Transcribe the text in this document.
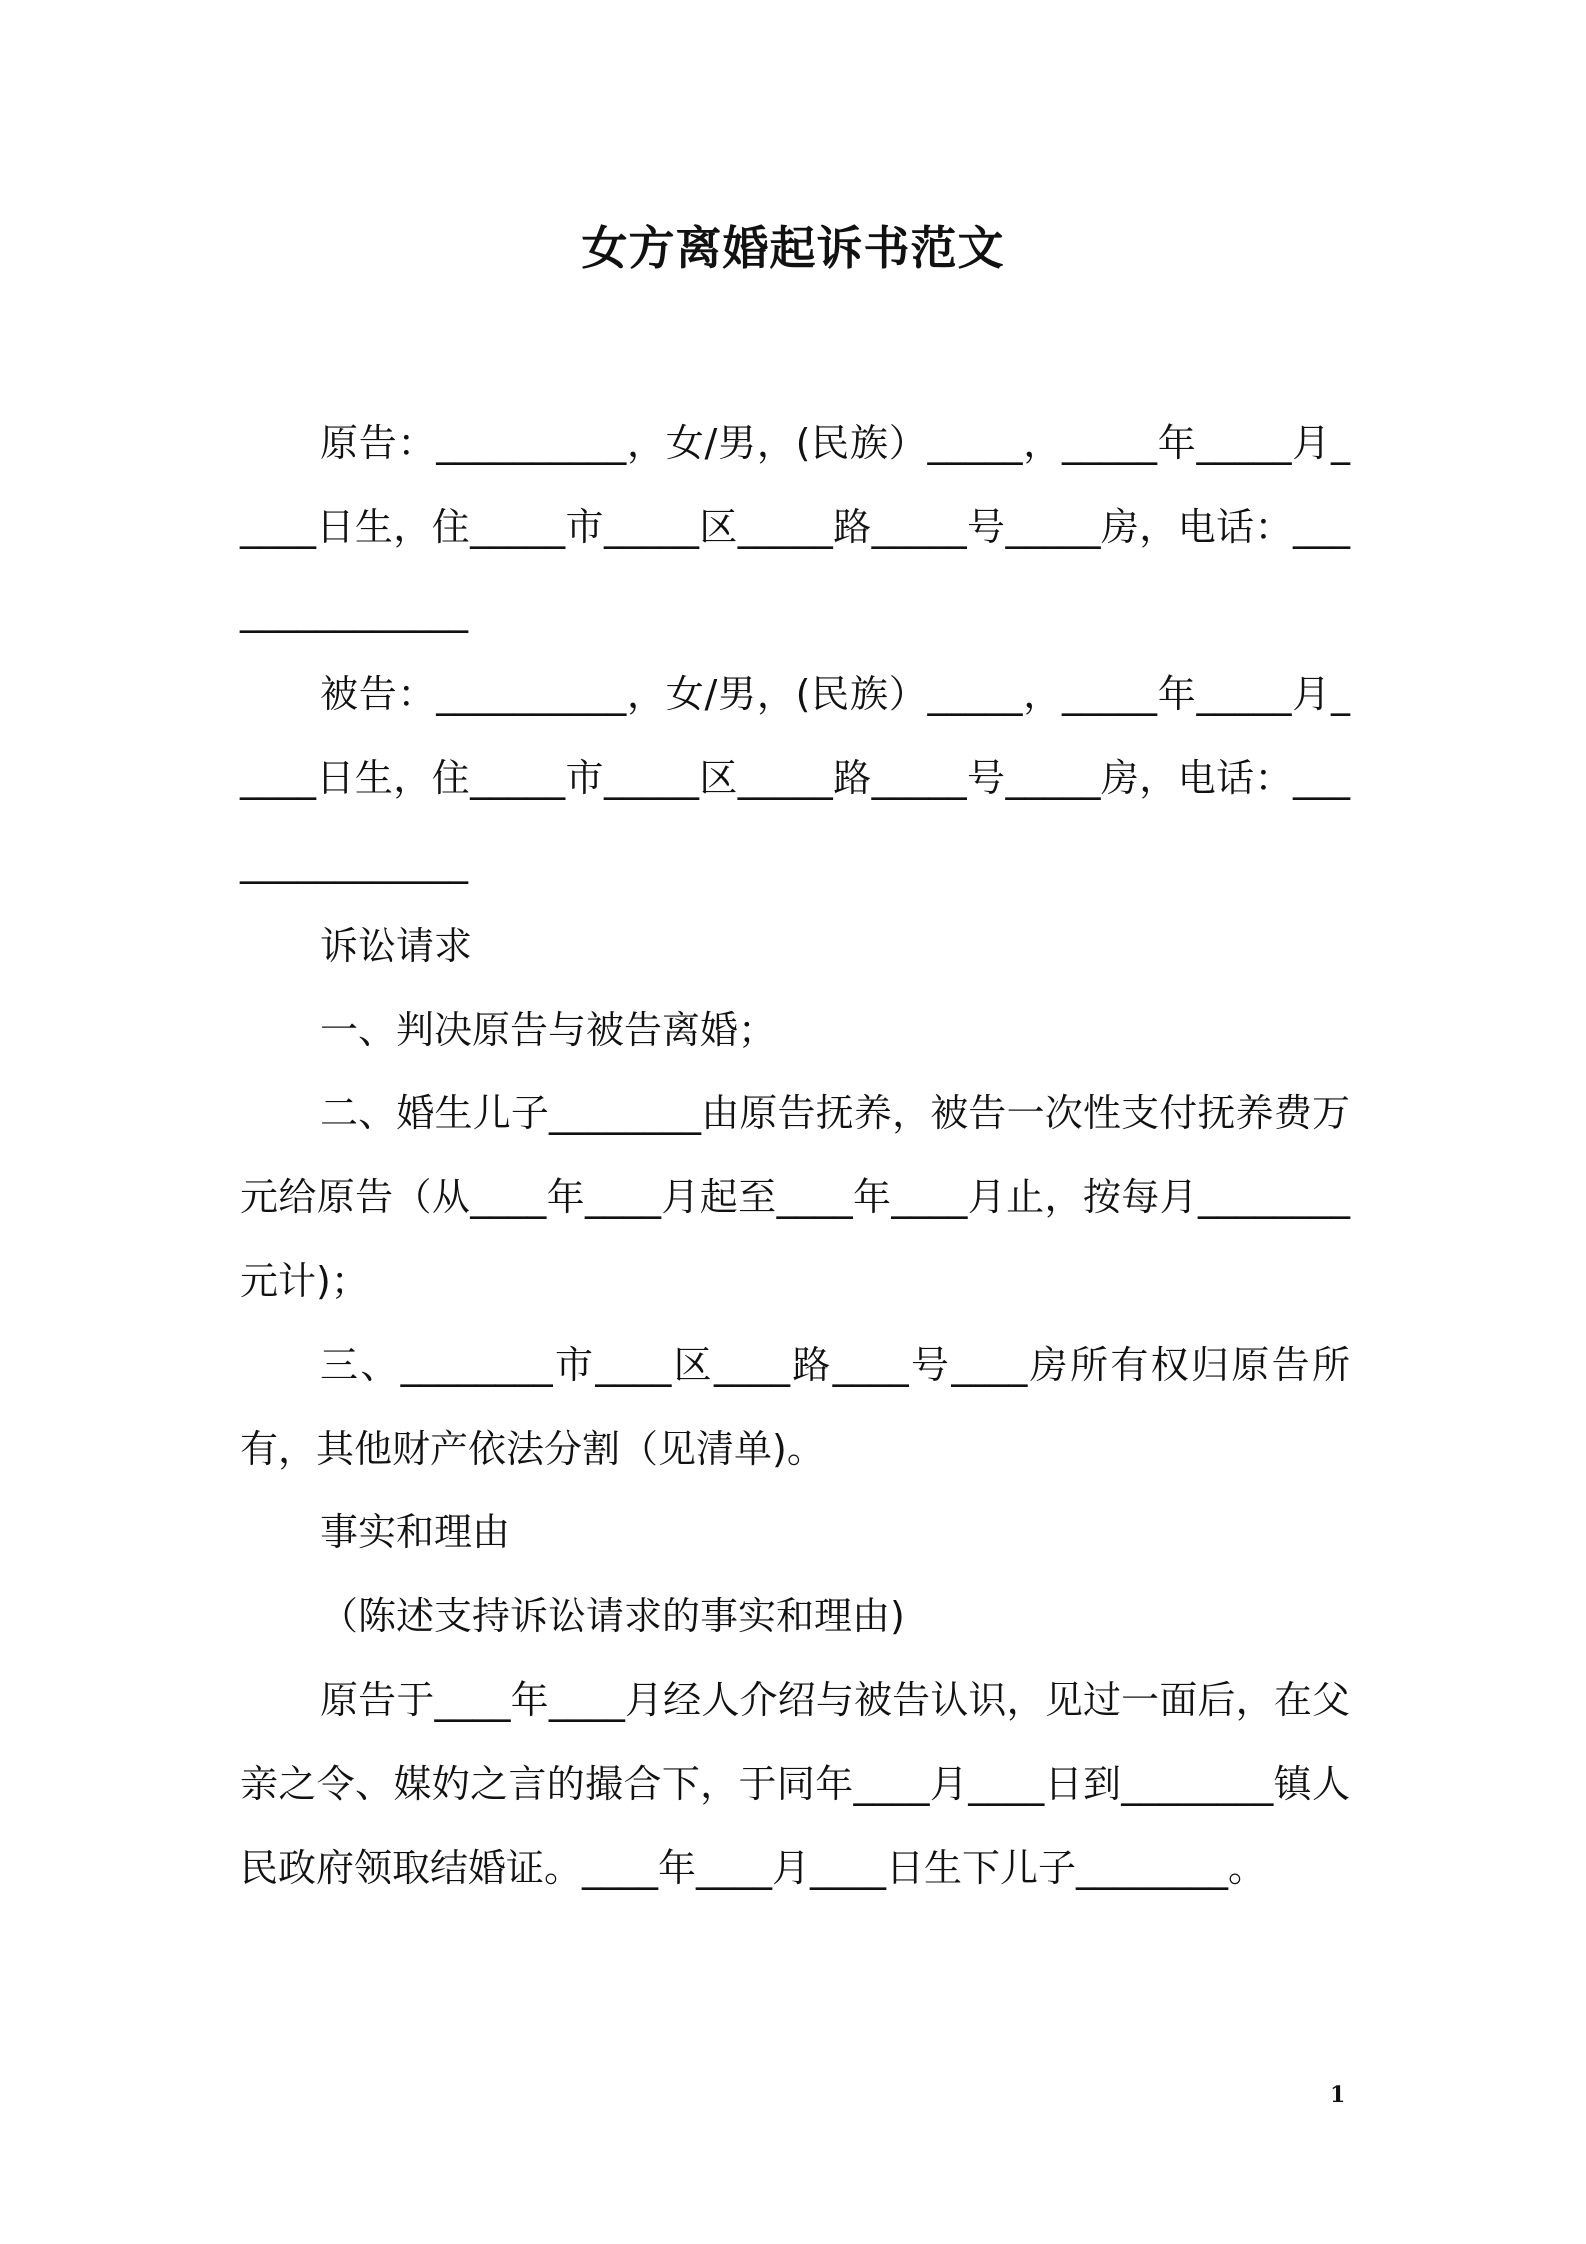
女方离婚起诉书范文

原告：__________，女/男，(民族）_____，_____年_____月_____日生，住_____市_____区_____路_____号_____房，电话：_______________

被告：__________，女/男，(民族）_____，_____年_____月_____日生，住_____市_____区_____路_____号_____房，电话：_______________

诉讼请求

一、判决原告与被告离婚；

二、婚生儿子________由原告抚养，被告一次性支付抚养费万元给原告（从____年____月起至____年____月止，按每月________元计)；

三、________市____区____路____号____房所有权归原告所有，其他财产依法分割（见清单)。

事实和理由

（陈述支持诉讼请求的事实和理由)

原告于____年____月经人介绍与被告认识，见过一面后，在父亲之令、媒妁之言的撮合下，于同年____月____日到________镇人民政府领取结婚证。____年____月____日生下儿子________。

1
